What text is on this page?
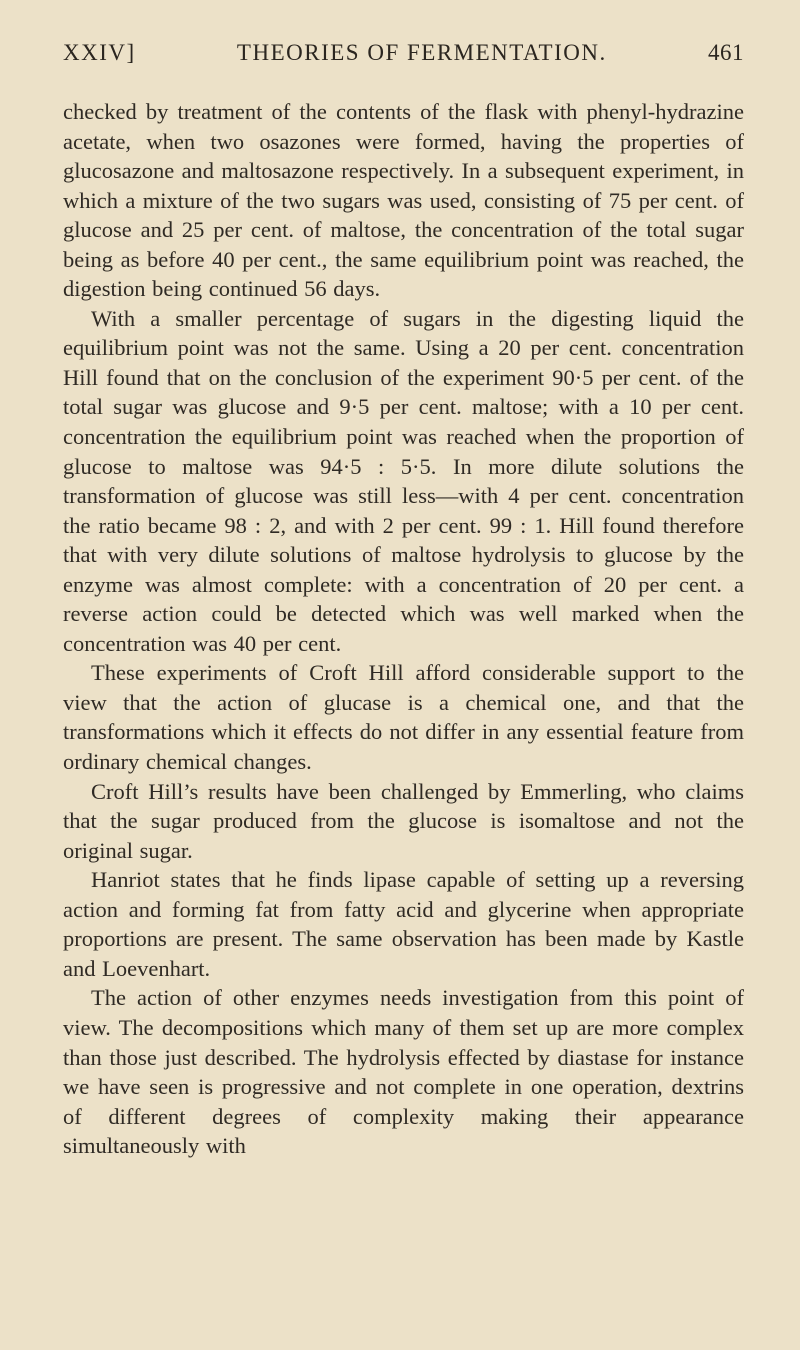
XXIV]	THEORIES OF FERMENTATION.	461

checked by treatment of the contents of the flask with phenyl-hydrazine acetate, when two osazones were formed, having the properties of glucosazone and maltosazone respectively. In a subsequent experiment, in which a mixture of the two sugars was used, consisting of 75 per cent. of glucose and 25 per cent. of maltose, the concentration of the total sugar being as before 40 per cent., the same equilibrium point was reached, the digestion being continued 56 days.

With a smaller percentage of sugars in the digesting liquid the equilibrium point was not the same. Using a 20 per cent. concentration Hill found that on the conclusion of the experiment 90·5 per cent. of the total sugar was glucose and 9·5 per cent. maltose; with a 10 per cent. concentration the equilibrium point was reached when the proportion of glucose to maltose was 94·5 : 5·5. In more dilute solutions the transformation of glucose was still less—with 4 per cent. concentration the ratio became 98 : 2, and with 2 per cent. 99 : 1. Hill found therefore that with very dilute solutions of maltose hydrolysis to glucose by the enzyme was almost complete: with a concentration of 20 per cent. a reverse action could be detected which was well marked when the concentration was 40 per cent.

These experiments of Croft Hill afford considerable support to the view that the action of glucase is a chemical one, and that the transformations which it effects do not differ in any essential feature from ordinary chemical changes.

Croft Hill’s results have been challenged by Emmerling, who claims that the sugar produced from the glucose is isomaltose and not the original sugar.

Hanriot states that he finds lipase capable of setting up a reversing action and forming fat from fatty acid and glycerine when appropriate proportions are present. The same observation has been made by Kastle and Loevenhart.

The action of other enzymes needs investigation from this point of view. The decompositions which many of them set up are more complex than those just described. The hydrolysis effected by diastase for instance we have seen is progressive and not complete in one operation, dextrins of different degrees of complexity making their appearance simultaneously with
